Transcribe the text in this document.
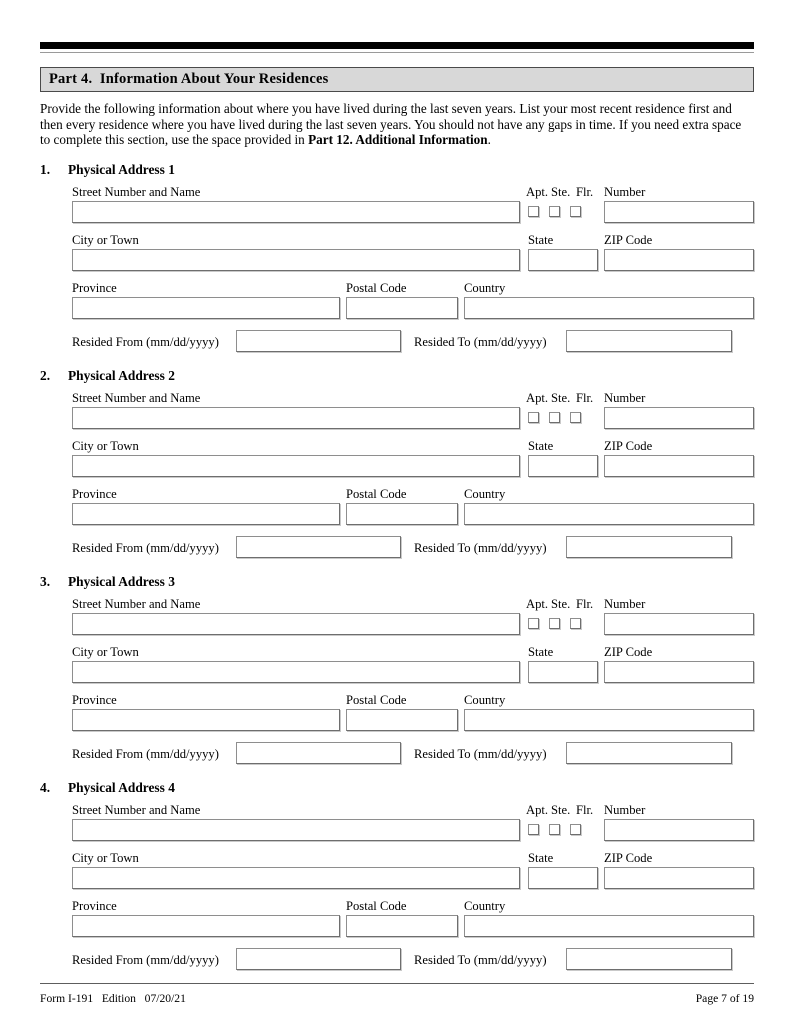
Part 4.  Information About Your Residences

Provide the following information about where you have lived during the last seven years. List your most recent residence first and then every residence where you have lived during the last seven years. You should not have any gaps in time. If you need extra space to complete this section, use the space provided in Part 12. Additional Information.

1.	Physical Address 1
Street Number and Name	Apt. Ste. Flr. Number
City or Town	State	ZIP Code
Province	Postal Code	Country
Resided From (mm/dd/yyyy)	Resided To (mm/dd/yyyy)
2.	Physical Address 2
Street Number and Name	Apt. Ste. Flr. Number
City or Town	State	ZIP Code
Province	Postal Code	Country
Resided From (mm/dd/yyyy)	Resided To (mm/dd/yyyy)
3.	Physical Address 3
Street Number and Name	Apt. Ste. Flr. Number
City or Town	State	ZIP Code
Province	Postal Code	Country
Resided From (mm/dd/yyyy)	Resided To (mm/dd/yyyy)
4.	Physical Address 4
Street Number and Name	Apt. Ste. Flr. Number
City or Town	State	ZIP Code
Province	Postal Code	Country
Resided From (mm/dd/yyyy)	Resided To (mm/dd/yyyy)
Form I-191   Edition   07/20/21	Page 7 of 19
